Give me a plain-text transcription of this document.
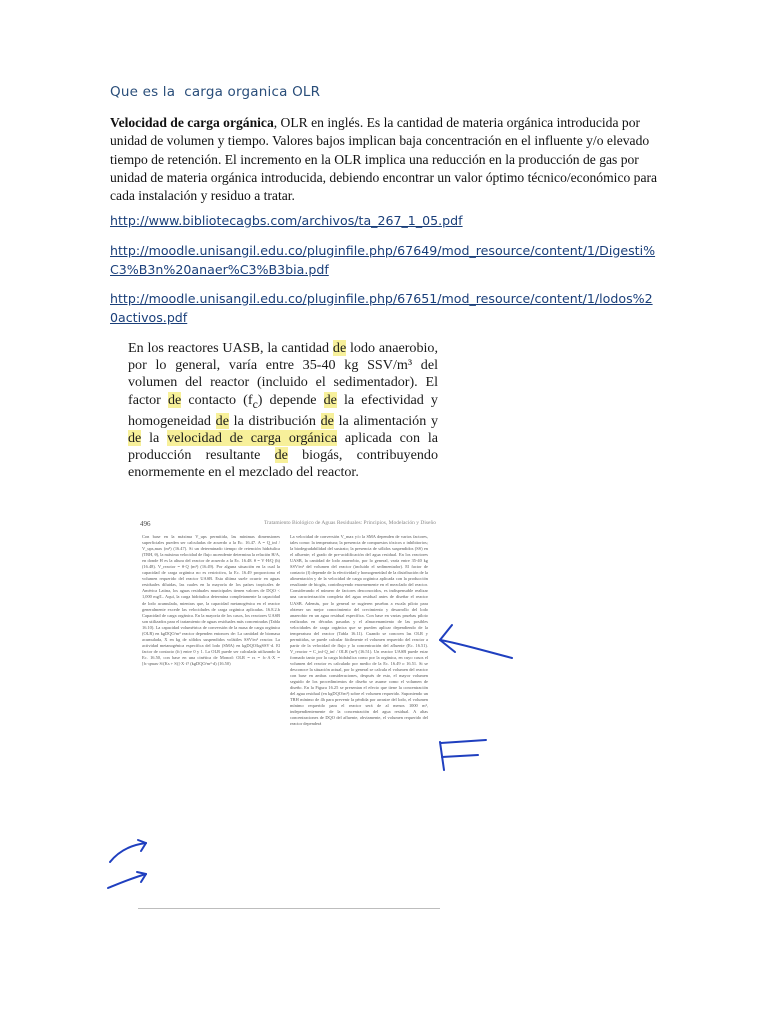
Que es la  carga organica OLR
Velocidad de carga orgánica, OLR en inglés. Es la cantidad de materia orgánica introducida por unidad de volumen y tiempo. Valores bajos implican baja concentración en el influente y/o elevado tiempo de retención. El incremento en la OLR implica una reducción en la producción de gas por unidad de materia orgánica introducida, debiendo encontrar un valor óptimo técnico/económico para cada instalación y residuo a tratar.
http://www.bibliotecagbs.com/archivos/ta_267_1_05.pdf
http://moodle.unisangil.edu.co/pluginfile.php/67649/mod_resource/content/1/Digesti%C3%B3n%20anaer%C3%B3bia.pdf
http://moodle.unisangil.edu.co/pluginfile.php/67651/mod_resource/content/1/lodos%20activos.pdf
En los reactores UASB, la cantidad de lodo anaerobio, por lo general, varía entre 35-40 kg SSV/m³ del volumen del reactor (incluido el sedimentador). El factor de contacto $(f_c)$ depende de la efectividad y homogeneidad de la distribución de la alimentación y de la velocidad de carga orgánica aplicada con la producción resultante de biogás, contribuyendo enormemente en el mezclado del reactor.
496	Tratamiento Biológico de Aguas Residuales: Principios, Modelación y Diseño
Con base en la máxima V_ups permitida, las mínimas dimensiones superficiales pueden ser calculadas de acuerdo a la Ec. 16.47. A = Q_inf / V_ups,max (m²) (16.47). Si un determinado tiempo de retención hidráulica (TRH, θ), la máxima velocidad de flujo ascendente determina la relación H/A, en donde H es la altura del reactor de acuerdo a la Ec. 16.48. θ = V·H/Q (h) (16.48). V_reactor = θ·Q (m³) (16.49). Por alguna situación en la cual la capacidad de carga orgánica no es restrictiva, la Ec. 16.49 proporciona el volumen requerido del reactor UASB. Esta última suele ocurrir en aguas residuales diluidas, las cuales en la mayoría de los países tropicales de América Latina, los aguas residuales municipales tienen valores de DQO < 1,000 mg/L. Aquí, la carga hidráulica determina completamente la capacidad de lodo acumulada, mientras que, la capacidad metanogénica en el reactor generalmente excede las velocidades de carga orgánica aplicadas. 16.8.2.b Capacidad de carga orgánica. En la mayoría de los casos, los reactores UASB son utilizados para el tratamiento de aguas residuales más concentradas (Tabla 16.10). La capacidad volumétrica de conversión de la masa de carga orgánica (OLR) en kgDQO/m³ reactor dependen entonces de: La cantidad de biomasa acumulada, X en kg de sólidos suspendidos volátiles SSV/m³ reactor. La actividad metanogénica específica del lodo (SMA) en kgDQO/kgSSV·d. El factor de contacto (fc) entre 0 y 1. La OLR puede ser calculada utilizando la Ec. 16.50, con base en una cinética de Monod: OLR = rs = fc·A·X = [fc·qmax·S/(Ks + S)]·X·f? (kgDQO/m³·d) (16.50)
La velocidad de conversión V_max y/o la SMA dependen de varios factores, tales como: la temperatura; la presencia de compuestos tóxicos o inhibitorios; la biodegradabilidad del sustrato; la presencia de sólidos suspendidos (SS) en el afluente; el grado de pre-acidificación del agua residual. En los reactores UASB, la cantidad de lodo anaerobio, por lo general, varía entre 35-40 kg SSV/m³ del volumen del reactor (incluido el sedimentador). El factor de contacto (f) depende de la efectividad y homogeneidad de la distribución de la alimentación y de la velocidad de carga orgánica aplicada con la producción resultante de biogás, contribuyendo enormemente en el mezclado del reactor. Considerando el número de factores desconocidos, es indispensable realizar una caracterización completa del agua residual antes de diseñar el reactor UASB. Además, por lo general se sugieren pruebas a escala piloto para obtener un mejor conocimiento del crecimiento y desarrollo del lodo anaerobio en un agua residual específica. Con base en varias pruebas piloto realizadas en décadas pasadas y el almacenamiento de las posibles velocidades de carga orgánica que se pueden aplicar dependiendo de la temperatura del reactor (Tabla 16.11). Cuando se conocen las OLR y permitidas, se puede calcular fácilmente el volumen requerido del reactor a partir de la velocidad de flujo y la concentración del afluente (Ec. 16.51). V_reactor = C_inf·Q_inf / OLR (m³) (16.51). Un reactor UASB puede estar formado tanto por la carga hidráulica como por la orgánica, en cuyo casos el volumen del reactor es calculado por medio de la Ec. 16.49 o 16.51. Si se desconoce la situación actual, por lo general se calcula el volumen del reactor con base en ambas consideraciones, después de esto, el mayor volumen seguido de los procedimientos de diseño se asume como el volumen de diseño. En la Figura 16.25 se presentan el efecto que tiene la concentración del agua residual (en kgDQO/m³) sobre el volumen requerido. Suponiendo un TRH mínimo de 4h para prevenir la pérdida por arrastre del lodo, el volumen mínimo requerido para el reactor será de al menos 1000 m³, independientemente de la concentración del agua residual. A altas concentraciones de DQO del afluente, obviamente, el volumen requerido del reactor dependerá
